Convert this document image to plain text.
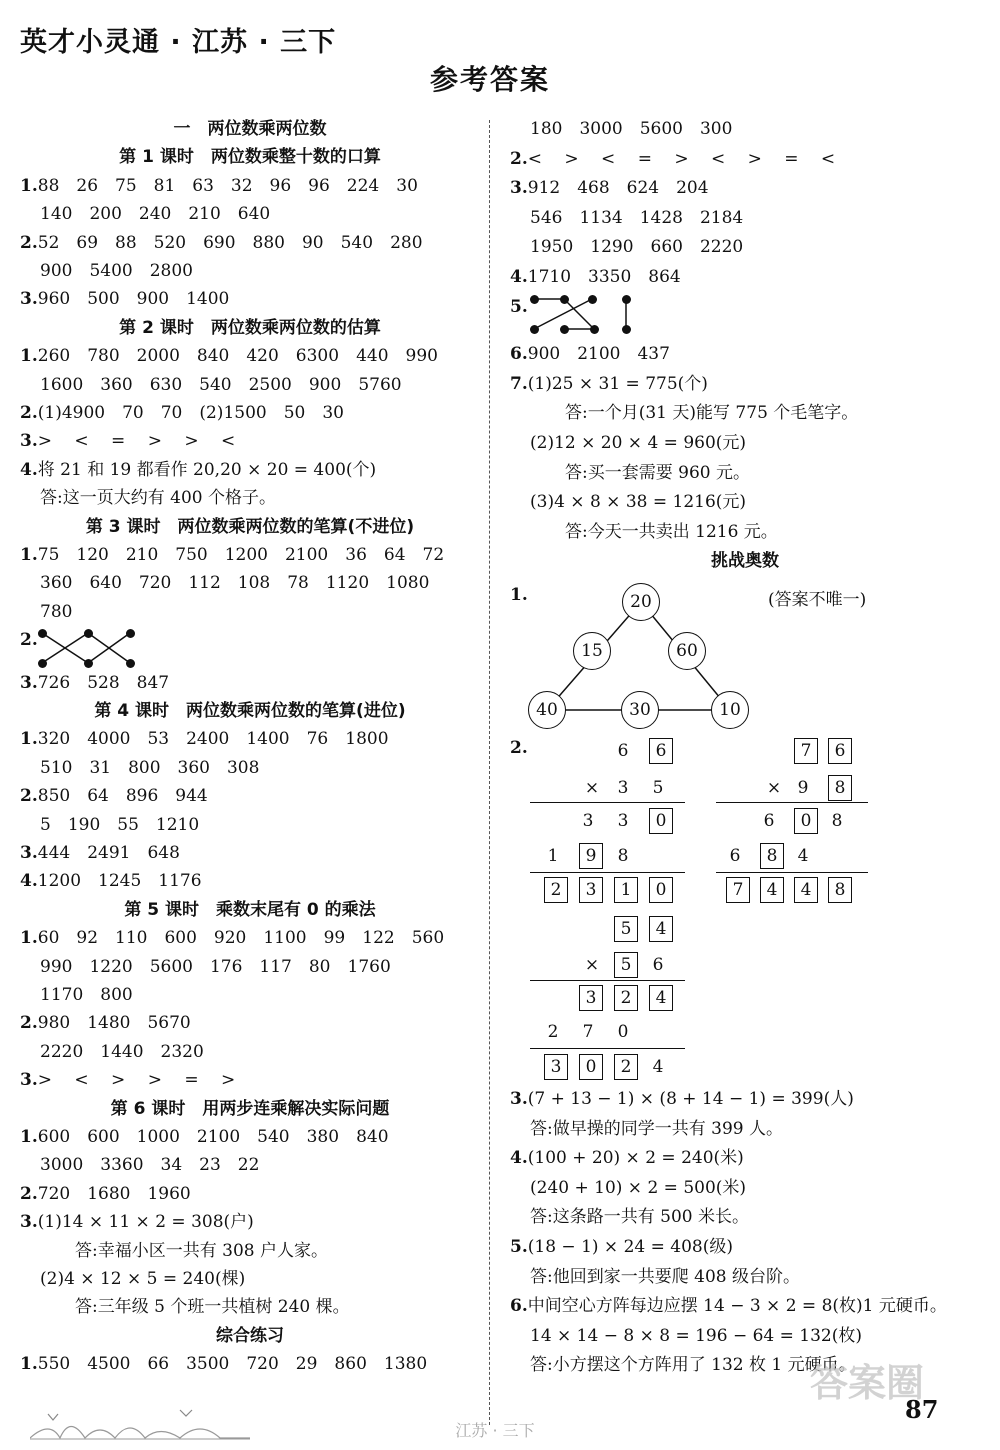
英才小灵通 · 江苏 · 三下
参考答案
一　两位数乘两位数
第 1 课时　两位数乘整十数的口算
1.88　26　75　81　63　32　96　96　224　30
140　200　240　210　640
2.52　69　88　520　690　880　90　540　280
900　5400　2800
3.960　500　900　1400
第 2 课时　两位数乘两位数的估算
1.260　780　2000　840　420　6300　440　990
1600　360　630　540　2500　900　5760
2.(1)4900　70　70　(2)1500　50　30
3.>　 <　 =　 >　 >　 <
4.将 21 和 19 都看作 20,20 × 20 = 400(个)
答:这一页大约有 400 个格子。
第 3 课时　两位数乘两位数的笔算(不进位)
1.75　120　210　750　1200　2100　36　64　72
360　640　720　112　108　78　1120　1080
780
2.
3.726　528　847
第 4 课时　两位数乘两位数的笔算(进位)
1.320　4000　53　2400　1400　76　1800
510　31　800　360　308
2.850　64　896　944
5　190　55　1210
3.444　2491　648
4.1200　1245　1176
第 5 课时　乘数末尾有 0 的乘法
1.60　92　110　600　920　1100　99　122　560
990　1220　5600　176　117　80　1760
1170　800
2.980　1480　5670
2220　1440　2320
3.>　 <　 >　 >　 =　 >
第 6 课时　用两步连乘解决实际问题
1.600　600　1000　2100　540　380　840
3000　3360　34　23　22
2.720　1680　1960
3.(1)14 × 11 × 2 = 308(户)
答:幸福小区一共有 308 户人家。
(2)4 × 12 × 5 = 240(棵)
答:三年级 5 个班一共植树 240 棵。
综合练习
1.550　4500　66　3500　720　29　860　1380
180　3000　5600　300
2.<　 >　 <　 =　 >　 <　 >　 =　 <
3.912　468　624　204
546　1134　1428　2184
1950　1290　660　2220
4.1710　3350　864
5.
6.900　2100　437
7.(1)25 × 31 = 775(个)
答:一个月(31 天)能写 775 个毛笔字。
(2)12 × 20 × 4 = 960(元)
答:买一套需要 960 元。
(3)4 × 8 × 38 = 1216(元)
答:今天一共卖出 1216 元。
挑战奥数
1.	(答案不唯一)
20
15	60
40	30	10
2.	6	6
×	3	5
3	3	0
1	9	8
2	3	1	0
7	6
× 9	8
6	0	8
6	8	4
7	4	4	8
5	4
×	5	6
3	2	4
2	7	0
3	0	2	4
3.(7 + 13 − 1) × (8 + 14 − 1) = 399(人)
答:做早操的同学一共有 399 人。
4.(100 + 20) × 2 = 240(米)
(240 + 10) × 2 = 500(米)
答:这条路一共有 500 米长。
5.(18 − 1) × 24 = 408(级)
答:他回到家一共要爬 408 级台阶。
6.中间空心方阵每边应摆 14 − 3 × 2 = 8(枚)1 元硬币。
14 × 14 − 8 × 8 = 196 − 64 = 132(枚)
答:小方摆这个方阵用了 132 枚 1 元硬币。
江苏 · 三下
答案圈
87
